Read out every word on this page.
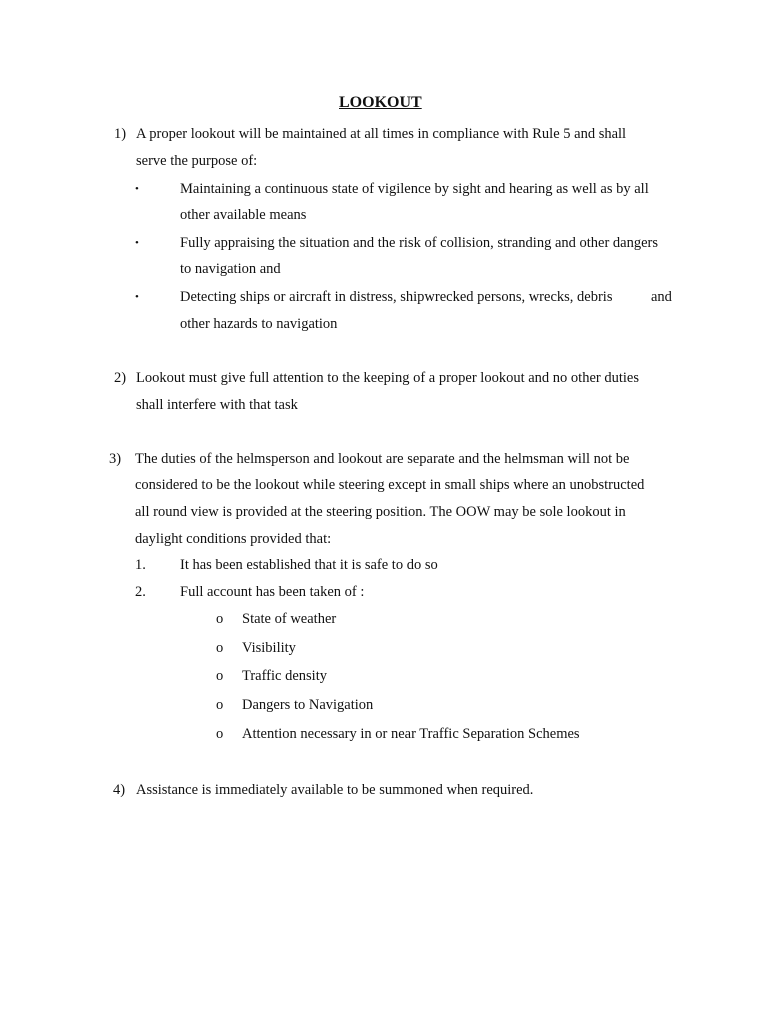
LOOKOUT
1) A proper lookout will be maintained at all times in compliance with Rule 5 and shall
serve the purpose of:
•	Maintaining a continuous state of vigilence by sight and hearing as well as by all
other available means
•	Fully appraising the situation and the risk of collision, stranding and other dangers
to navigation and
•	Detecting ships or aircraft in distress, shipwrecked persons, wrecks, debris	and
other hazards to navigation
2) Lookout must give full attention to the keeping of a proper lookout and no other duties
shall interfere with that task
3) The duties of the helmsperson and lookout are separate and the helmsman will not be
considered to be the lookout while steering except in small ships where an unobstructed
all round view is provided at the steering position. The OOW may be sole lookout in
daylight conditions provided that:
1. It has been established that it is safe to do so
2. Full account has been taken of :
o State of weather
o Visibility
o Traffic density
o Dangers to Navigation
o Attention necessary in or near Traffic Separation Schemes
4) Assistance is immediately available to be summoned when required.
